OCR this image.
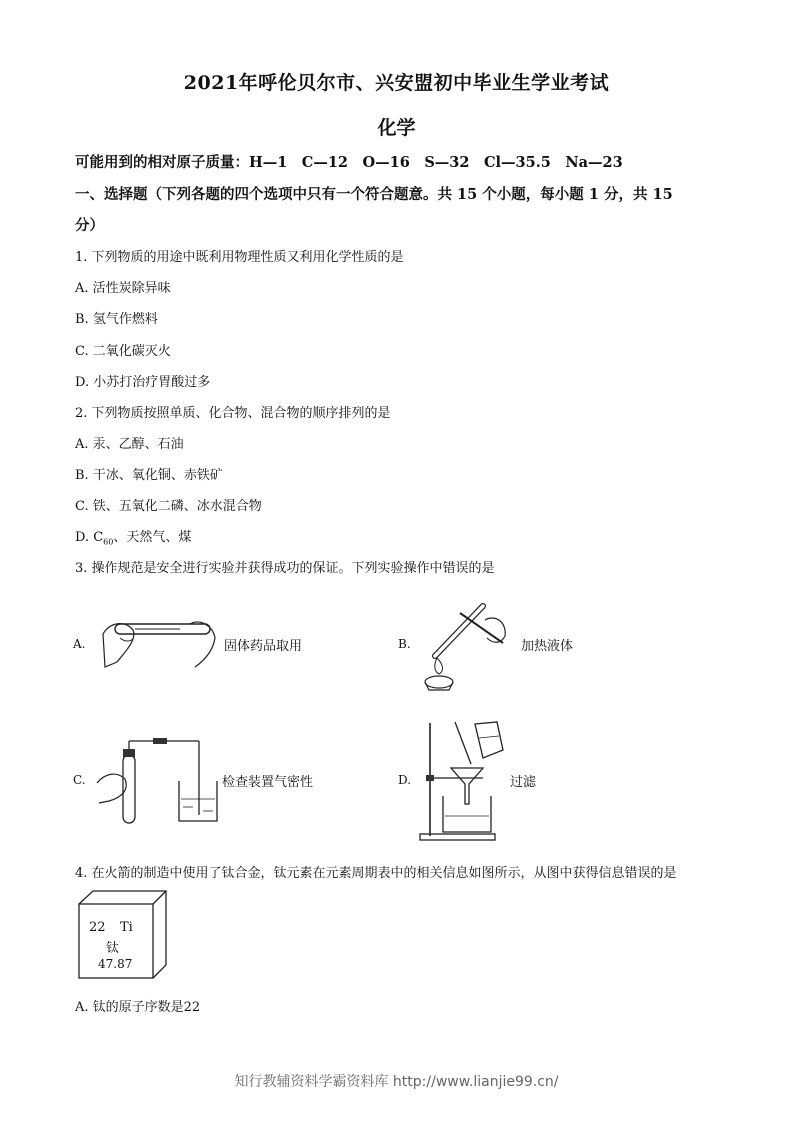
2021年呼伦贝尔市、兴安盟初中毕业生学业考试
化学
可能用到的相对原子质量：H—1　C—12　O—16　S—32　Cl—35.5　Na—23
一、选择题（下列各题的四个选项中只有一个符合题意。共 15 个小题，每小题 1 分，共 15
分）
1. 下列物质的用途中既利用物理性质又利用化学性质的是
A. 活性炭除异味
B. 氢气作燃料
C. 二氧化碳灭火
D. 小苏打治疗胃酸过多
2. 下列物质按照单质、化合物、混合物的顺序排列的是
A. 汞、乙醇、石油
B. 干冰、氧化铜、赤铁矿
C. 铁、五氧化二磷、冰水混合物
D. $C_{60}$、天然气、煤
3. 操作规范是安全进行实验并获得成功的保证。下列实验操作中错误的是
A.	固体药品取用	B.	加热液体
C.	检查装置气密性	D.	过滤
4. 在火箭的制造中使用了钛合金，钛元素在元素周期表中的相关信息如图所示，从图中获得信息错误的是
22 Ti
钛
47.87
A. 钛的原子序数是22
知行教辅资料学霸资料库 http://www.lianjie99.cn/
